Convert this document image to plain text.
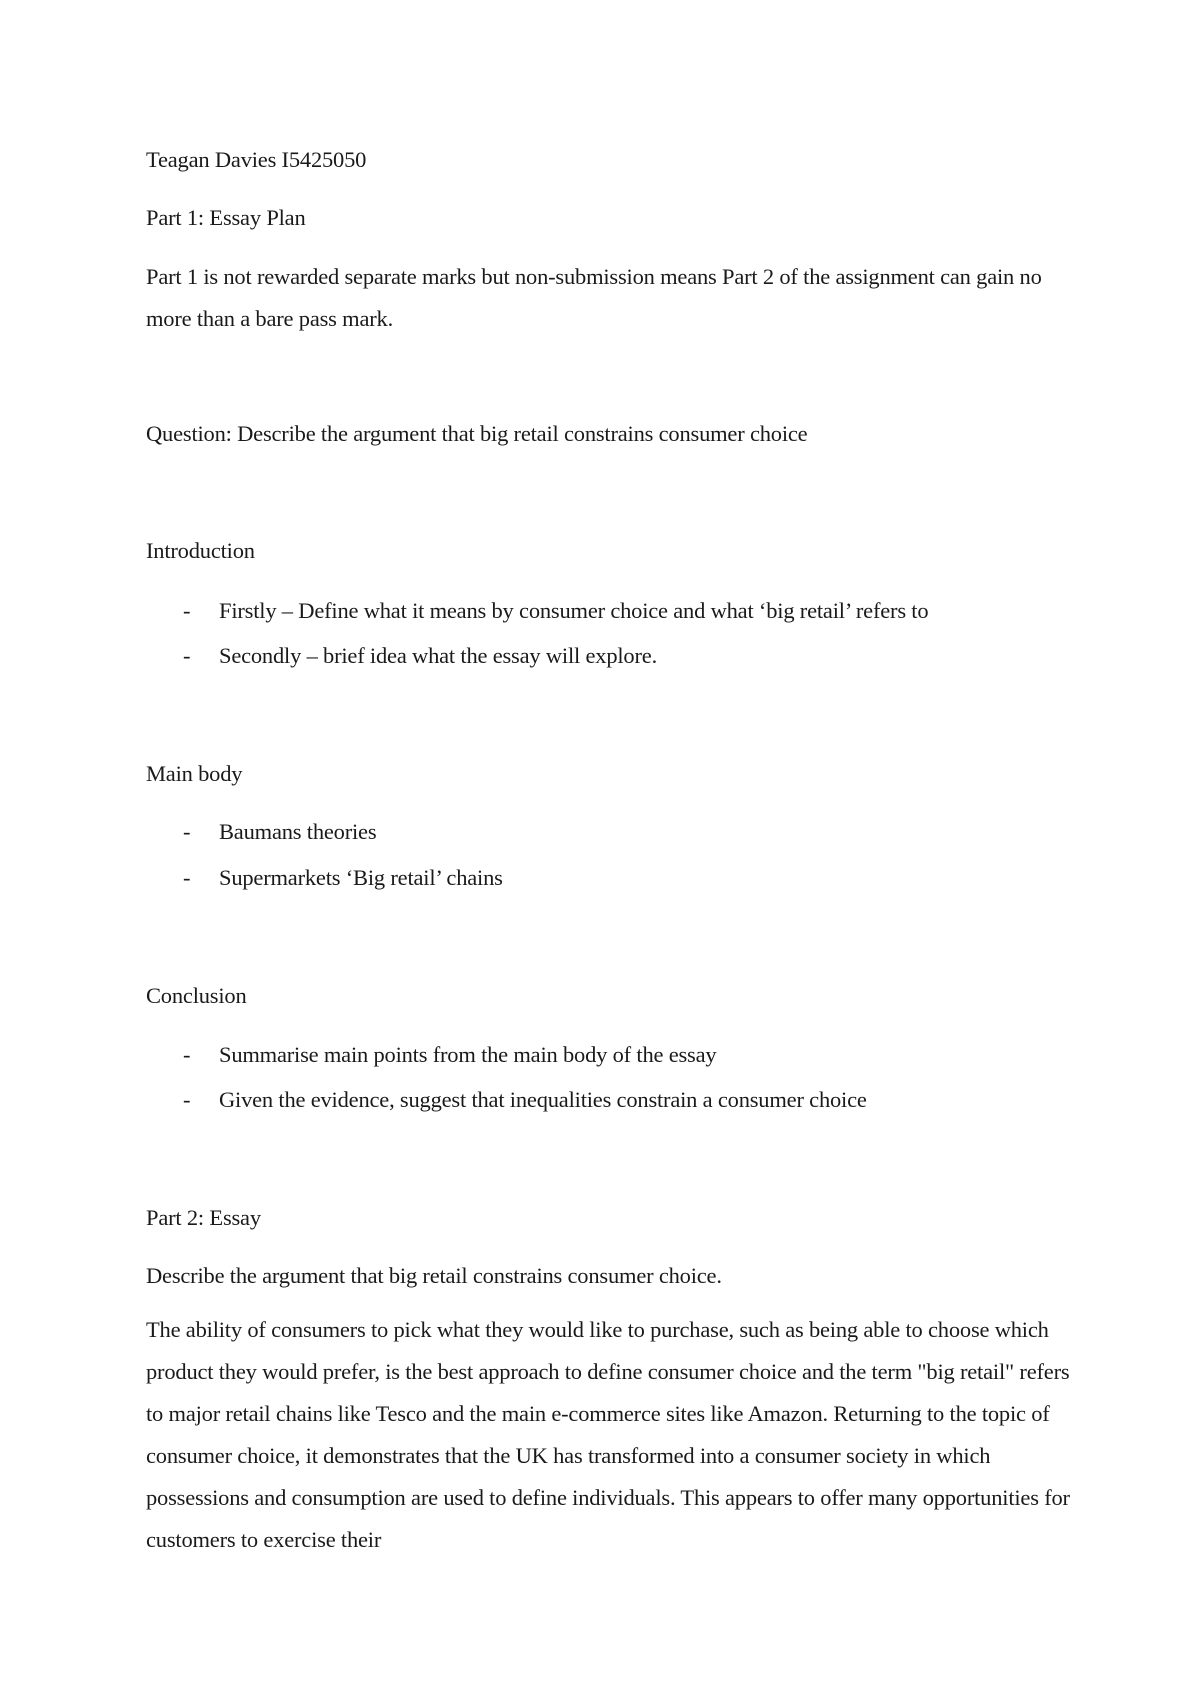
Teagan Davies I5425050
Part 1: Essay Plan

Part 1 is not rewarded separate marks but non-submission means Part 2 of the assignment can gain no more than a bare pass mark.

Question: Describe the argument that big retail constrains consumer choice
Introduction
-	Firstly – Define what it means by consumer choice and what ‘big retail’ refers to
-	Secondly – brief idea what the essay will explore.
Main body
-	Baumans theories
-	Supermarkets ‘Big retail’ chains
Conclusion
-	Summarise main points from the main body of the essay
-	Given the evidence, suggest that inequalities constrain a consumer choice
Part 2: Essay
Describe the argument that big retail constrains consumer choice.

The ability of consumers to pick what they would like to purchase, such as being able to choose which product they would prefer, is the best approach to define consumer choice and the term "big retail" refers to major retail chains like Tesco and the main e-commerce sites like Amazon. Returning to the topic of consumer choice, it demonstrates that the UK has transformed into a consumer society in which possessions and consumption are used to define individuals. This appears to offer many opportunities for customers to exercise their
